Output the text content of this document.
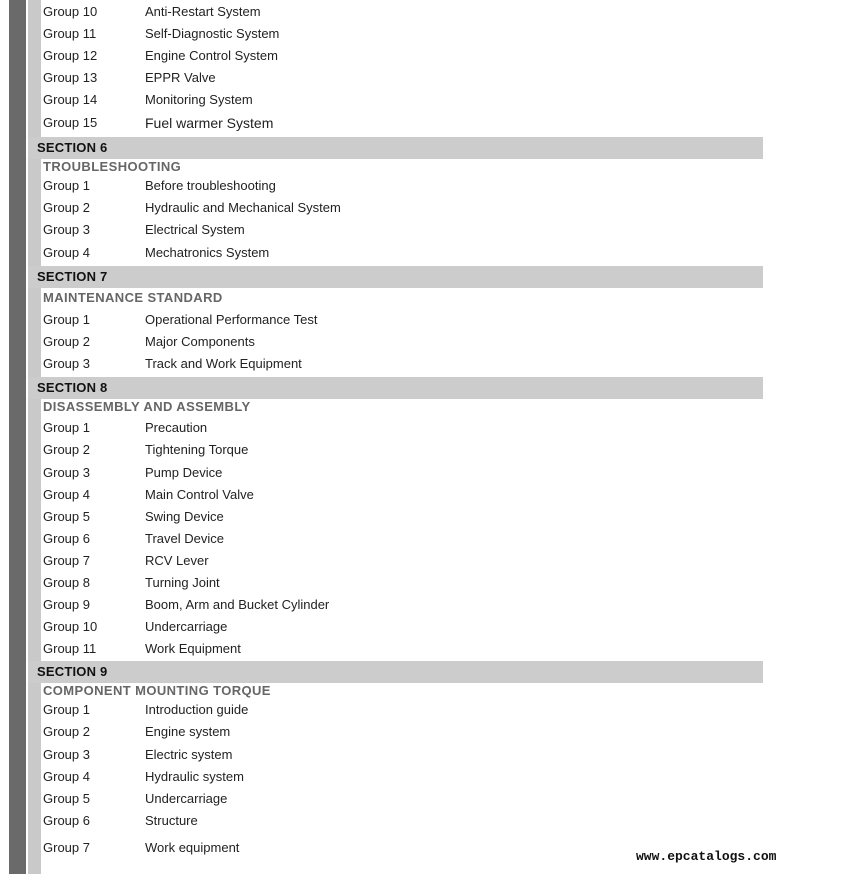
Group 10	Anti-Restart System
Group 11	Self-Diagnostic System
Group 12	Engine Control System
Group 13	EPPR Valve
Group 14	Monitoring System
Group 15	Fuel warmer System
SECTION 6
TROUBLESHOOTING
Group 1	Before troubleshooting
Group 2	Hydraulic and Mechanical System
Group 3	Electrical System
Group 4	Mechatronics System
SECTION 7
MAINTENANCE STANDARD
Group 1	Operational Performance Test
Group 2	Major Components
Group 3	Track and Work Equipment
SECTION 8
DISASSEMBLY AND ASSEMBLY
Group 1	Precaution
Group 2	Tightening Torque
Group 3	Pump Device
Group 4	Main Control Valve
Group 5	Swing Device
Group 6	Travel Device
Group 7	RCV Lever
Group 8	Turning Joint
Group 9	Boom, Arm and Bucket Cylinder
Group 10	Undercarriage
Group 11	Work Equipment
SECTION 9
COMPONENT MOUNTING TORQUE
Group 1	Introduction guide
Group 2	Engine system
Group 3	Electric system
Group 4	Hydraulic system
Group 5	Undercarriage
Group 6	Structure
Group 7	Work equipment
www.epcatalogs.com
